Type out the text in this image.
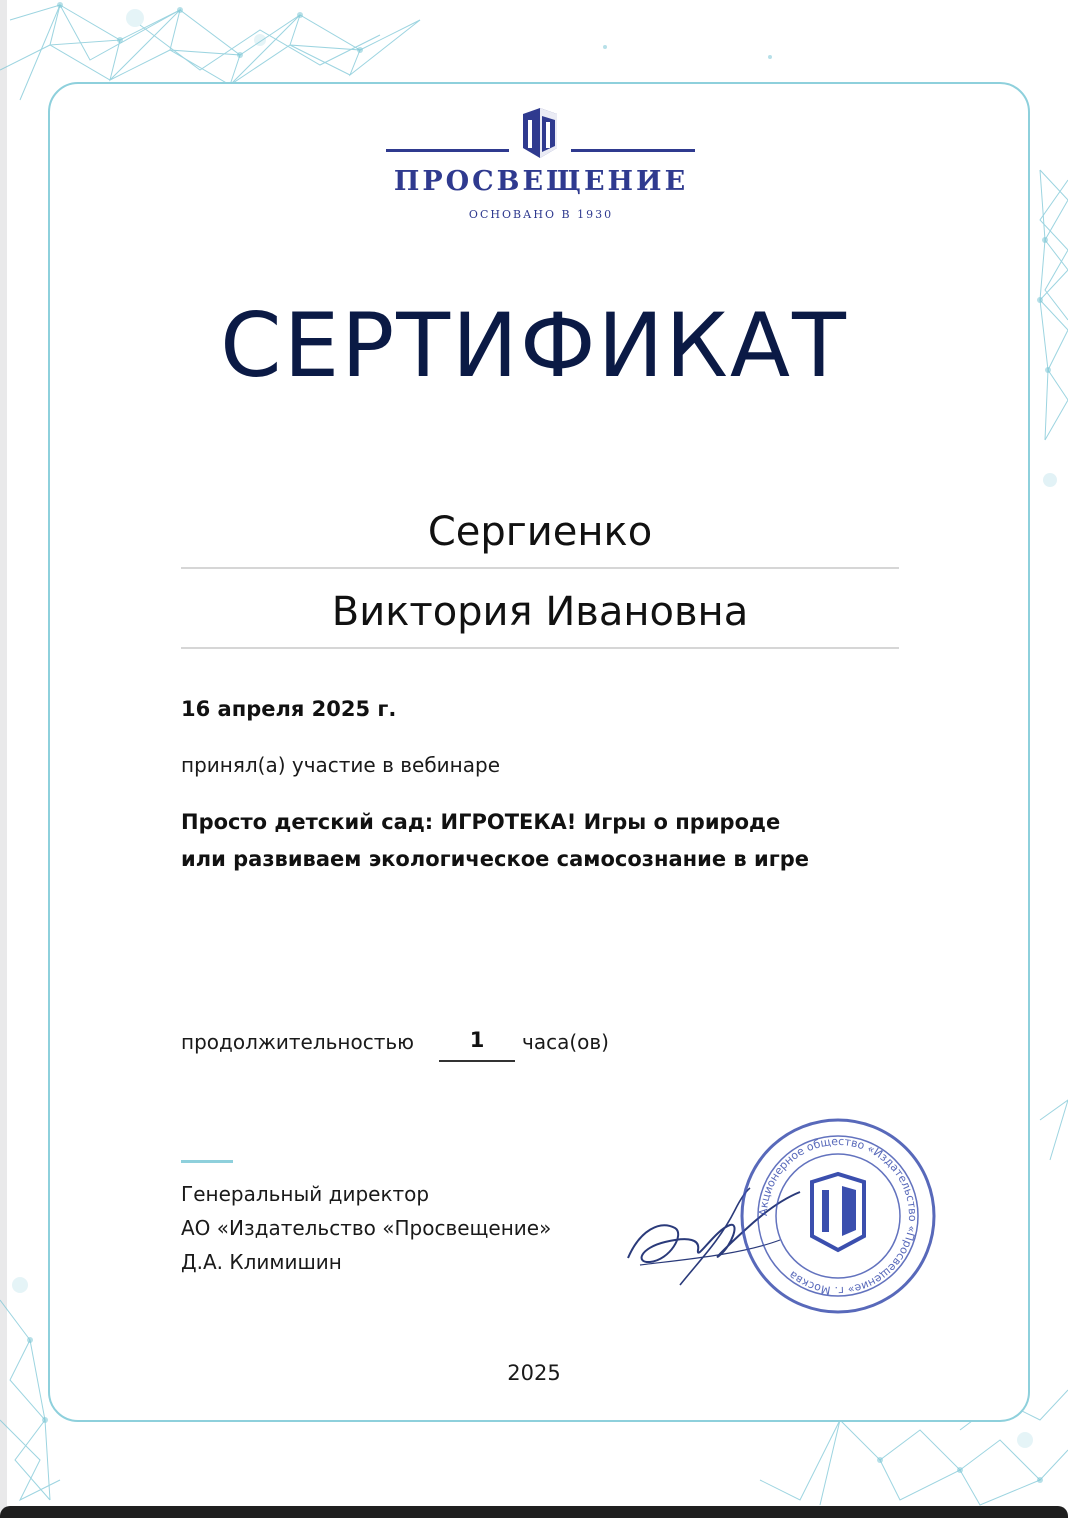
ПРОСВЕЩЕНИЕ
ОСНОВАНО В 1930
СЕРТИФИКАТ
Сергиенко
Виктория Ивановна
16 апреля 2025 г.
принял(а) участие в вебинаре
Просто детский сад: ИГРОТЕКА! Игры о природе
или развиваем экологическое самосознание в игре
продолжительностью	1	часа(ов)
Генеральный директор
АО «Издательство «Просвещение»
Д.А. Климишин
Акционерное общество «Издательство «Просвещение» г. Москва
2025
